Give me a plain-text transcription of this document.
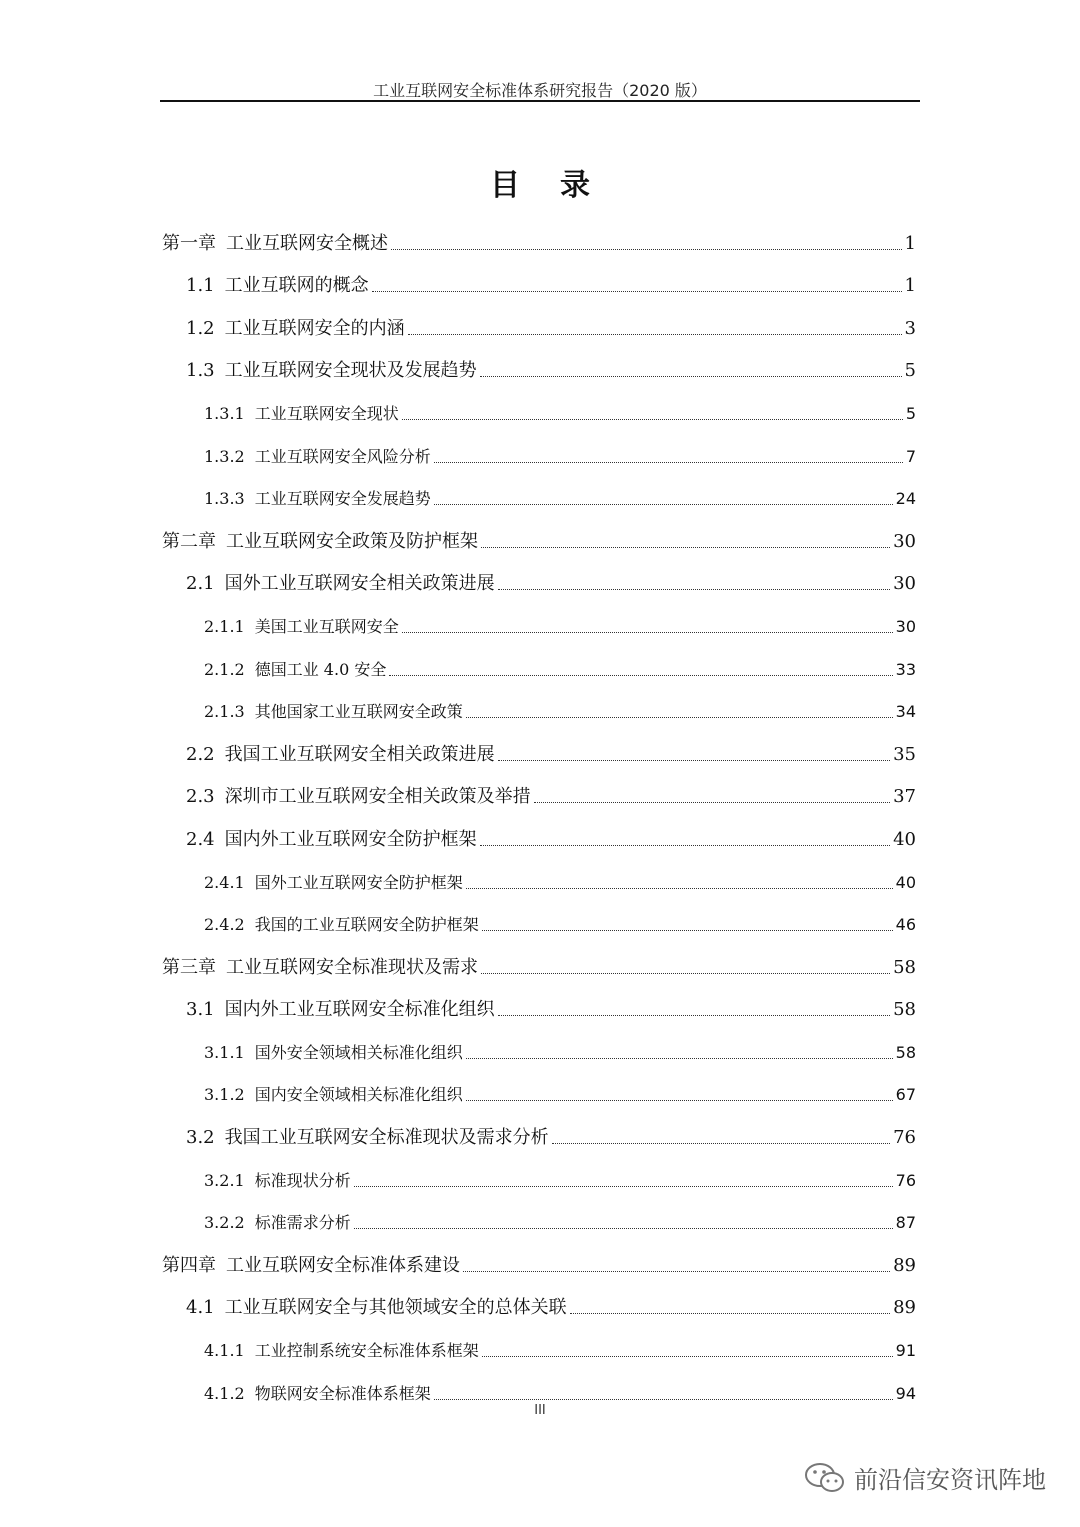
工业互联网安全标准体系研究报告（2020 版）
目录
第一章 工业互联网安全概述	1
1.1 工业互联网的概念	1
1.2 工业互联网安全的内涵	3
1.3 工业互联网安全现状及发展趋势	5
1.3.1 工业互联网安全现状	5
1.3.2 工业互联网安全风险分析	7
1.3.3 工业互联网安全发展趋势	24
第二章 工业互联网安全政策及防护框架	30
2.1 国外工业互联网安全相关政策进展	30
2.1.1 美国工业互联网安全	30
2.1.2 德国工业 4.0 安全	33
2.1.3 其他国家工业互联网安全政策	34
2.2 我国工业互联网安全相关政策进展	35
2.3 深圳市工业互联网安全相关政策及举措	37
2.4 国内外工业互联网安全防护框架	40
2.4.1 国外工业互联网安全防护框架	40
2.4.2 我国的工业互联网安全防护框架	46
第三章 工业互联网安全标准现状及需求	58
3.1 国内外工业互联网安全标准化组织	58
3.1.1 国外安全领域相关标准化组织	58
3.1.2 国内安全领域相关标准化组织	67
3.2 我国工业互联网安全标准现状及需求分析	76
3.2.1 标准现状分析	76
3.2.2 标准需求分析	87
第四章 工业互联网安全标准体系建设	89
4.1 工业互联网安全与其他领域安全的总体关联	89
4.1.1 工业控制系统安全标准体系框架	91
4.1.2 物联网安全标准体系框架	94
III
前沿信安资讯阵地
